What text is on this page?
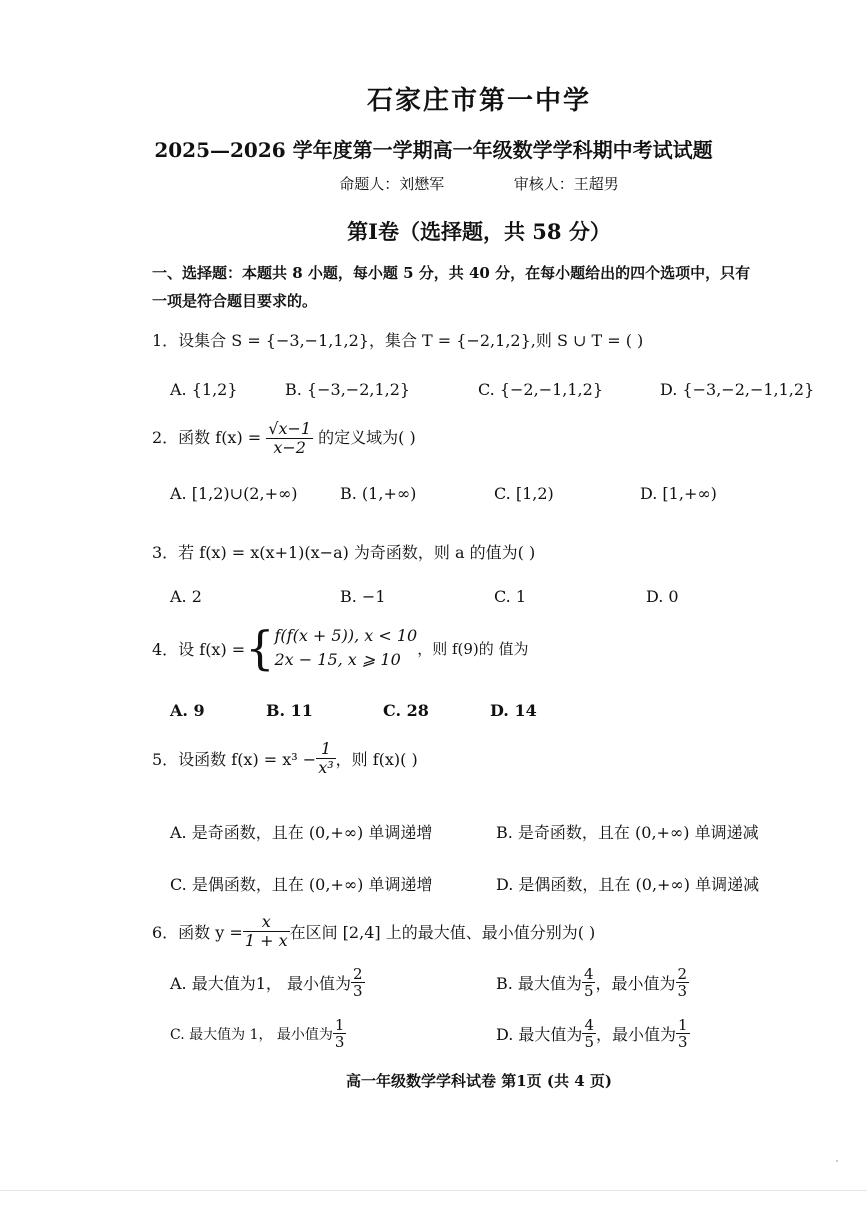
石家庄市第一中学
2025—2026 学年度第一学期高一年级数学学科期中考试试题
命题人：刘懋军	审核人：王超男
第Ⅰ卷（选择题，共 58 分）
一、选择题：本题共 8 小题，每小题 5 分，共 40 分，在每小题给出的四个选项中，只有
一项是符合题目要求的。
1．设集合 S = {−3,−1,1,2}，集合 T = {−2,1,2},则 S ∪ T = ( )
A. {1,2}	B. {−3,−2,1,2}	C. {−2,−1,1,2}	D. {−3,−2,−1,1,2}
2．函数 $f(x) = \frac{√x-1}{x-2}$ 的定义域为( )
A. [1,2)∪(2,+∞)	B. (1,+∞)	C. [1,2)	D. [1,+∞)
3．若 f(x) = x(x+1)(x−a) 为奇函数，则 a 的值为( )
A. 2	B. −1	C. 1	D. 0
4．设 f(x) ={ f(f(x + 5)), x < 10
2x − 15, x ⩾ 10
，则 f(9)的 值为
A. 9	B. 11	C. 28	D. 14
5．设函数 $f(x) = x^3 - \frac{1}{\text{x³}}$ ，则 f(x)( )
A. 是奇函数，且在 (0,+∞) 单调递增	B. 是奇函数，且在 (0,+∞) 单调递减
C. 是偶函数，且在 (0,+∞) 单调递增	D. 是偶函数，且在 (0,+∞) 单调递减
6．函数 $y = \frac{x}{1 + x}$ 在区间 [2,4] 上的最大值、最小值分别为( )
A. 最大值为1， 最小值为 $\frac{2}{3}$	B. 最大值为 $\frac{4}{5}$ ，最小值为 $\frac{2}{3}$
C. 最大值为 1， 最小值为 $\frac{1}{3}$	D. 最大值为 $\frac{4}{5}$ ，最小值为 $\frac{1}{3}$
高一年级数学学科试卷 第1页 (共 4 页)
